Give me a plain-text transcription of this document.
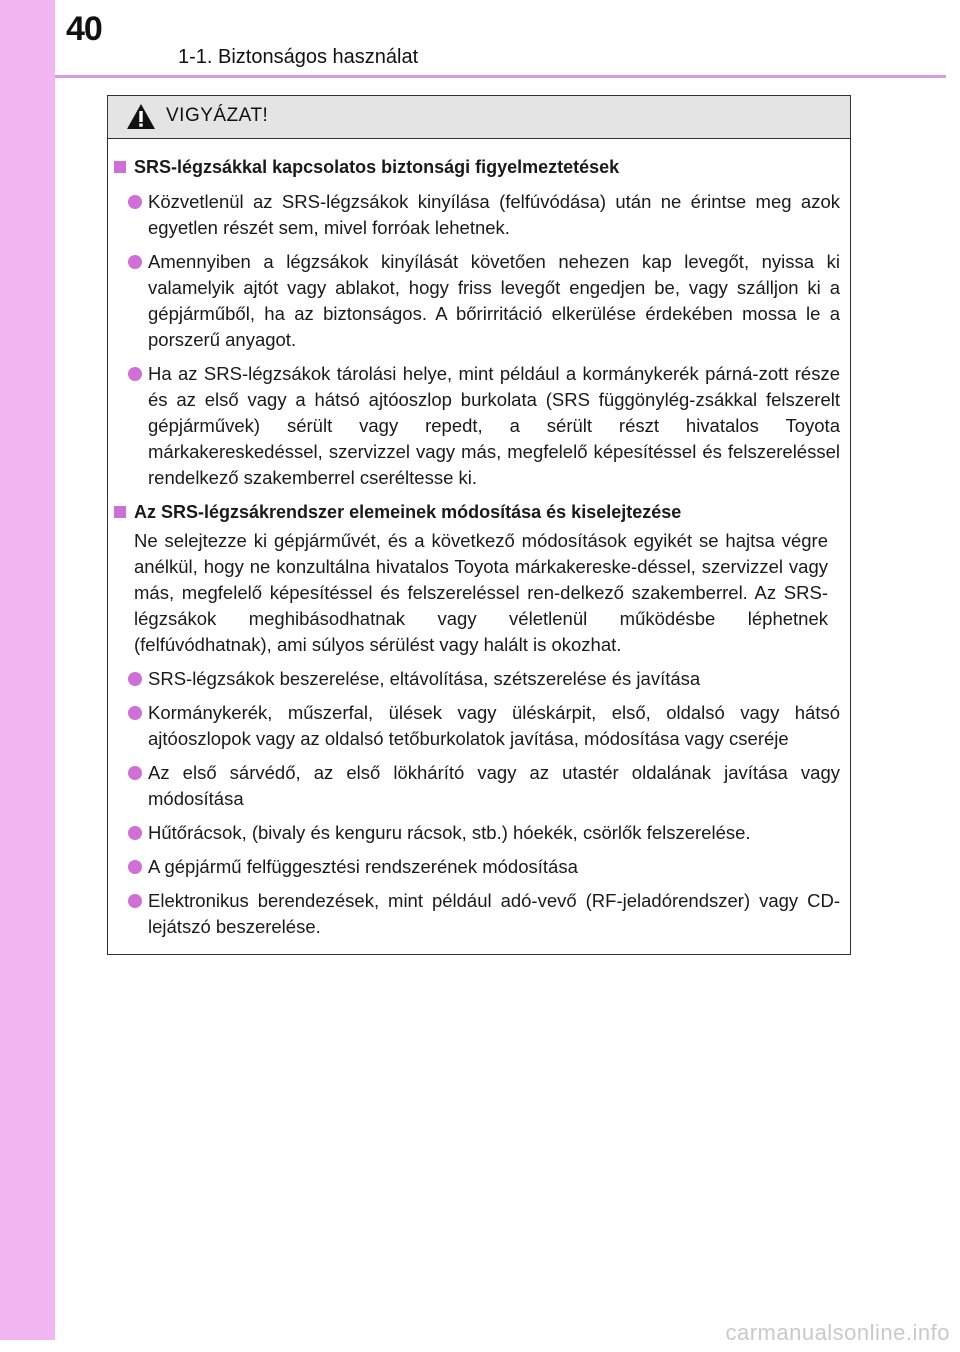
40
1-1. Biztonságos használat
VIGYÁZAT!
SRS-légzsákkal kapcsolatos biztonsági figyelmeztetések
Közvetlenül az SRS-légzsákok kinyílása (felfúvódása) után ne érintse meg azok egyetlen részét sem, mivel forróak lehetnek.
Amennyiben a légzsákok kinyílását követően nehezen kap levegőt, nyissa ki valamelyik ajtót vagy ablakot, hogy friss levegőt engedjen be, vagy szálljon ki a gépjárműből, ha az biztonságos. A bőrirritáció elkerülése érdekében mossa le a porszerű anyagot.
Ha az SRS-légzsákok tárolási helye, mint például a kormánykerék párná-zott része és az első vagy a hátsó ajtóoszlop burkolata (SRS függönylég-zsákkal felszerelt gépjárművek) sérült vagy repedt, a sérült részt hivatalos Toyota márkakereskedéssel, szervizzel vagy más, megfelelő képesítéssel és felszereléssel rendelkező szakemberrel cseréltesse ki.
Az SRS-légzsákrendszer elemeinek módosítása és kiselejtezése
Ne selejtezze ki gépjárművét, és a következő módosítások egyikét se hajtsa végre anélkül, hogy ne konzultálna hivatalos Toyota márkakereske-déssel, szervizzel vagy más, megfelelő képesítéssel és felszereléssel ren-delkező szakemberrel. Az SRS-légzsákok meghibásodhatnak vagy véletlenül működésbe léphetnek (felfúvódhatnak), ami súlyos sérülést vagy halált is okozhat.
SRS-légzsákok beszerelése, eltávolítása, szétszerelése és javítása
Kormánykerék, műszerfal, ülések vagy üléskárpit, első, oldalsó vagy hátsó ajtóoszlopok vagy az oldalsó tetőburkolatok javítása, módosítása vagy cseréje
Az első sárvédő, az első lökhárító vagy az utastér oldalának javítása vagy módosítása
Hűtőrácsok, (bivaly és kenguru rácsok, stb.) hóekék, csörlők felszerelése.
A gépjármű felfüggesztési rendszerének módosítása
Elektronikus berendezések, mint például adó-vevő (RF-jeladórendszer) vagy CD-lejátszó beszerelése.
carmanualsonline.info
